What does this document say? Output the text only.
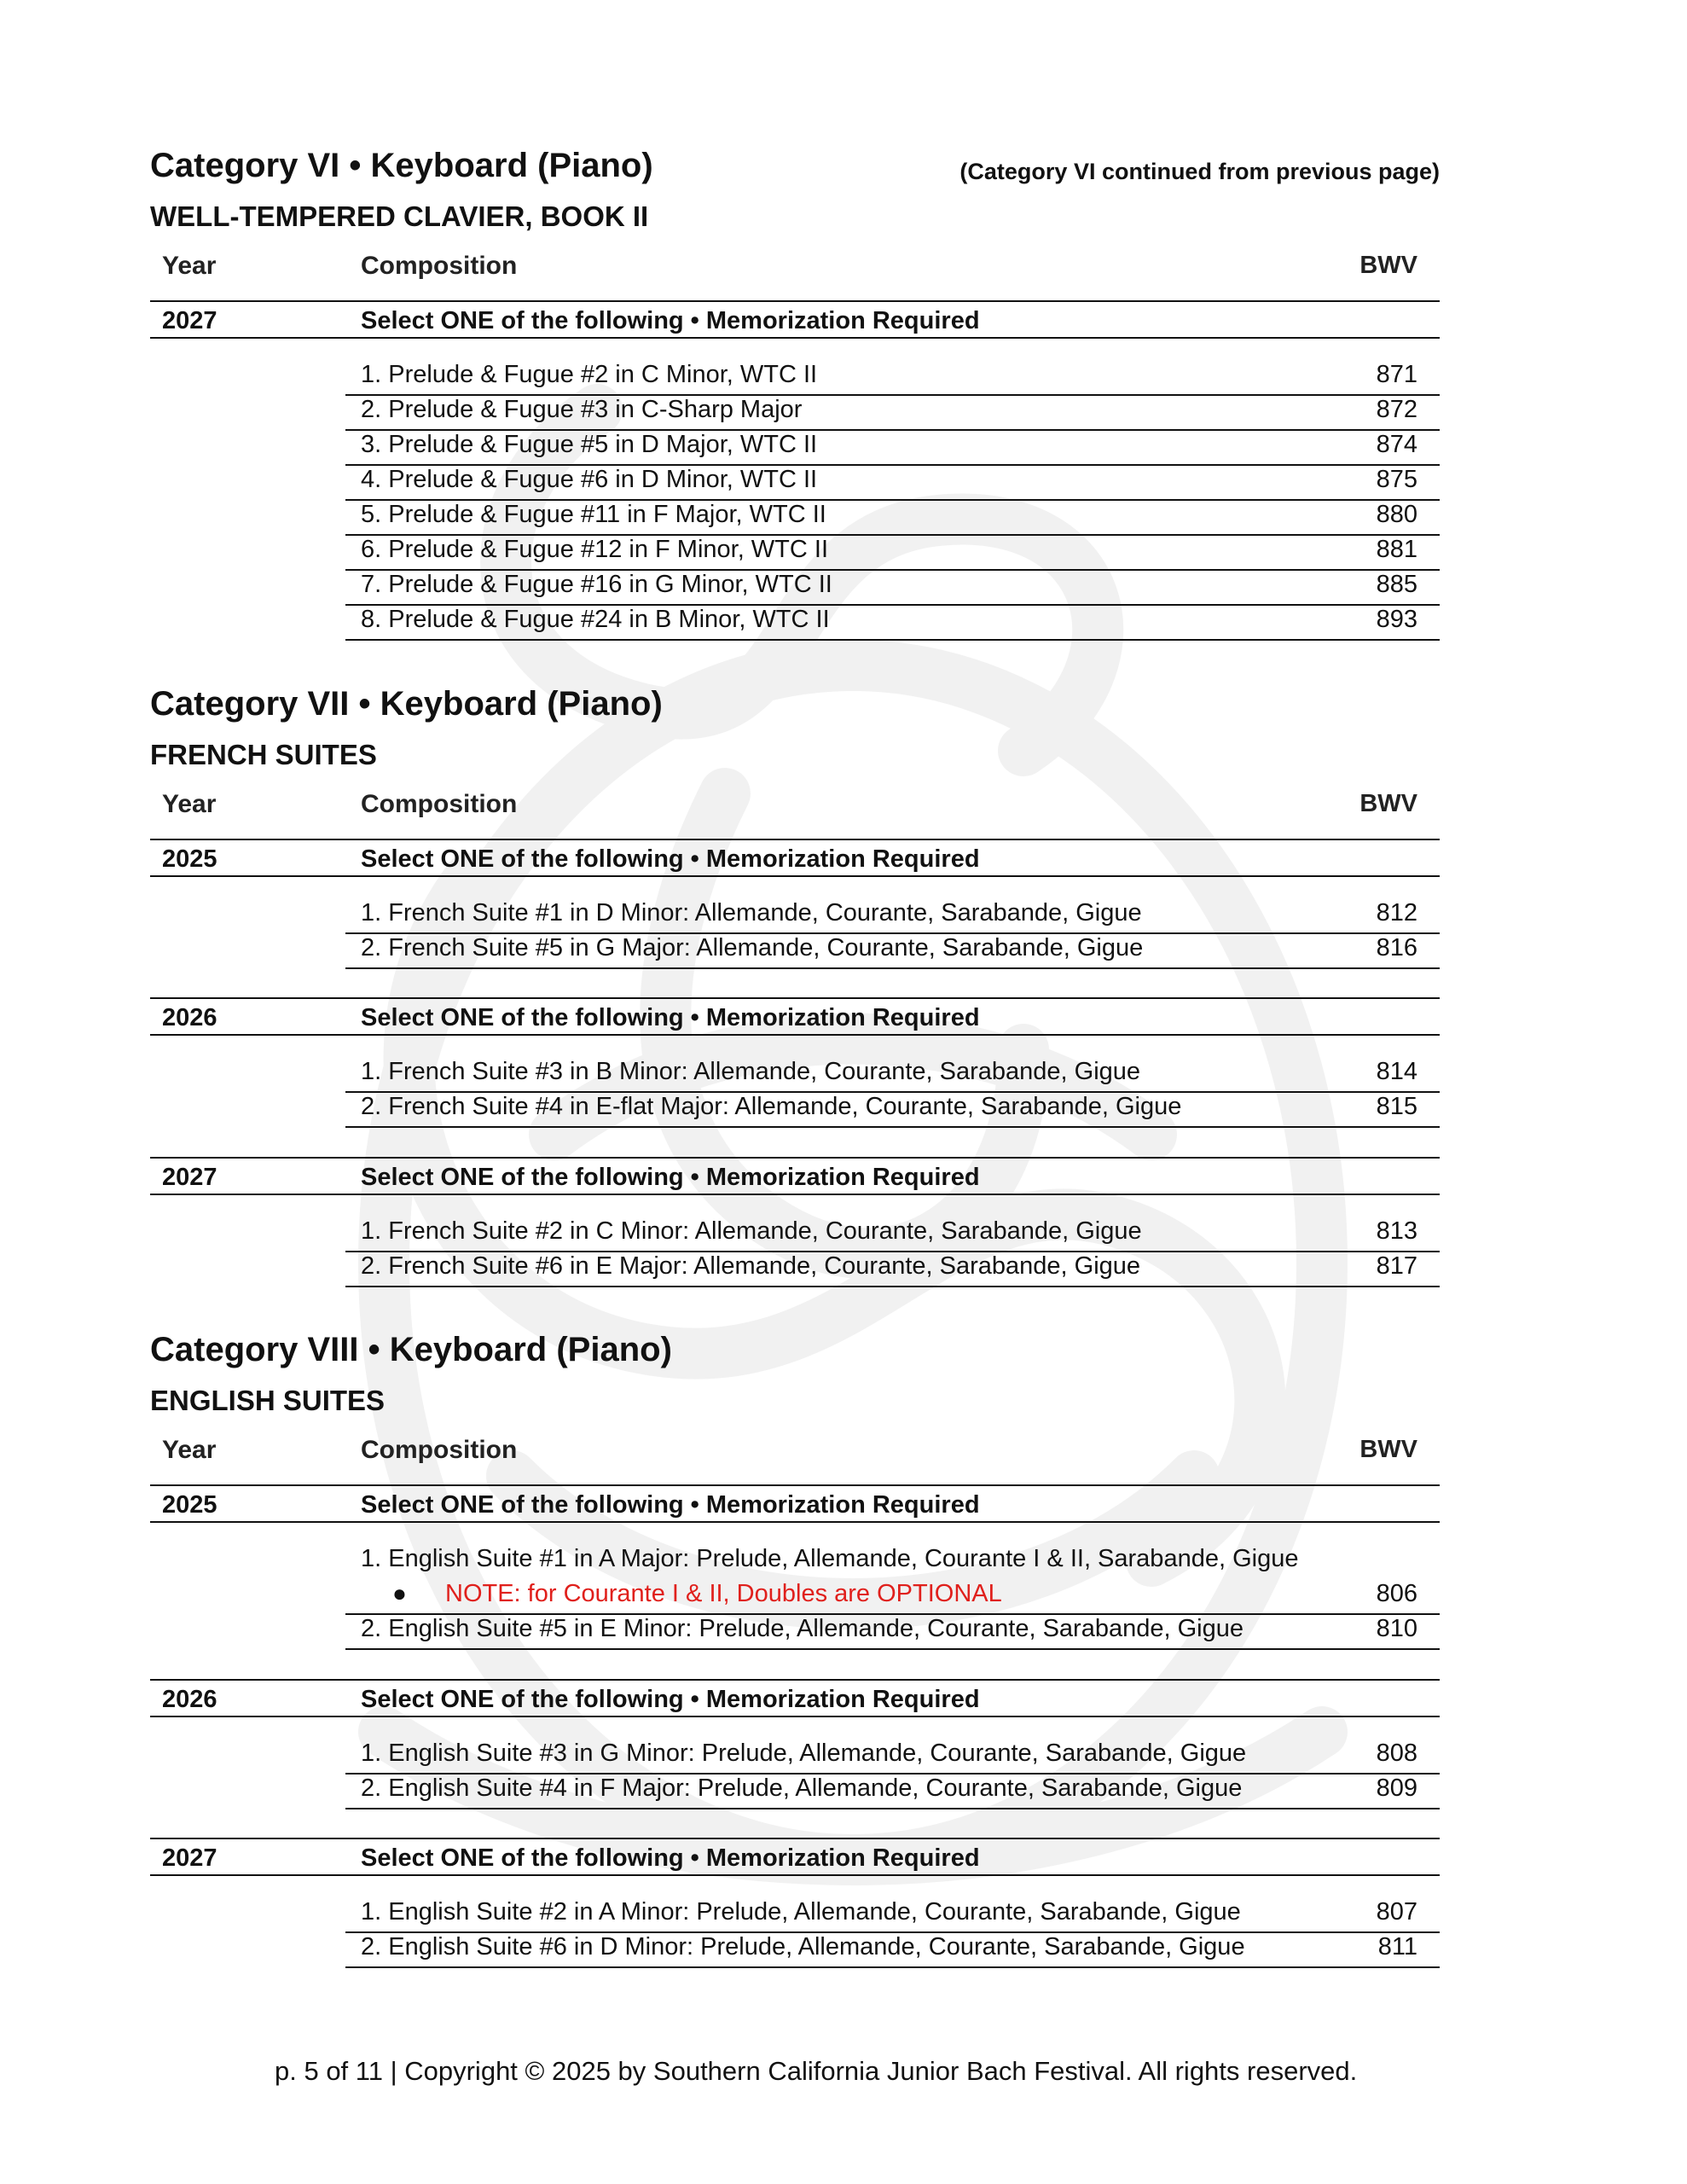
Category VI • Keyboard (Piano)	(Category VI continued from previous page)
WELL-TEMPERED CLAVIER, BOOK II
Year	Composition	BWV
2027	Select ONE of the following • Memorization Required
1. Prelude & Fugue #2 in C Minor, WTC II	871
2. Prelude & Fugue #3 in C-Sharp Major	872
3. Prelude & Fugue #5 in D Major, WTC II	874
4. Prelude & Fugue #6 in D Minor, WTC II	875
5. Prelude & Fugue #11 in F Major, WTC II	880
6. Prelude & Fugue #12 in F Minor, WTC II	881
7. Prelude & Fugue #16 in G Minor, WTC II	885
8. Prelude & Fugue #24 in B Minor, WTC II	893
Category VII • Keyboard (Piano)
FRENCH SUITES
Year	Composition	BWV
2025	Select ONE of the following • Memorization Required
1. French Suite #1 in D Minor: Allemande, Courante, Sarabande, Gigue	812
2. French Suite #5 in G Major: Allemande, Courante, Sarabande, Gigue	816
2026	Select ONE of the following • Memorization Required
1. French Suite #3 in B Minor: Allemande, Courante, Sarabande, Gigue	814
2. French Suite #4 in E-flat Major: Allemande, Courante, Sarabande, Gigue	815
2027	Select ONE of the following • Memorization Required
1. French Suite #2 in C Minor: Allemande, Courante, Sarabande, Gigue	813
2. French Suite #6 in E Major: Allemande, Courante, Sarabande, Gigue	817
Category VIII • Keyboard (Piano)
ENGLISH SUITES
Year	Composition	BWV
2025	Select ONE of the following • Memorization Required
1. English Suite #1 in A Major: Prelude, Allemande, Courante I & II, Sarabande, Gigue
● NOTE: for Courante I & II, Doubles are OPTIONAL	806
2. English Suite #5 in E Minor: Prelude, Allemande, Courante, Sarabande, Gigue	810
2026	Select ONE of the following • Memorization Required
1. English Suite #3 in G Minor: Prelude, Allemande, Courante, Sarabande, Gigue	808
2. English Suite #4 in F Major: Prelude, Allemande, Courante, Sarabande, Gigue	809
2027	Select ONE of the following • Memorization Required
1. English Suite #2 in A Minor: Prelude, Allemande, Courante, Sarabande, Gigue	807
2. English Suite #6 in D Minor: Prelude, Allemande, Courante, Sarabande, Gigue	811
p. 5 of 11 | Copyright © 2025 by Southern California Junior Bach Festival. All rights reserved.
